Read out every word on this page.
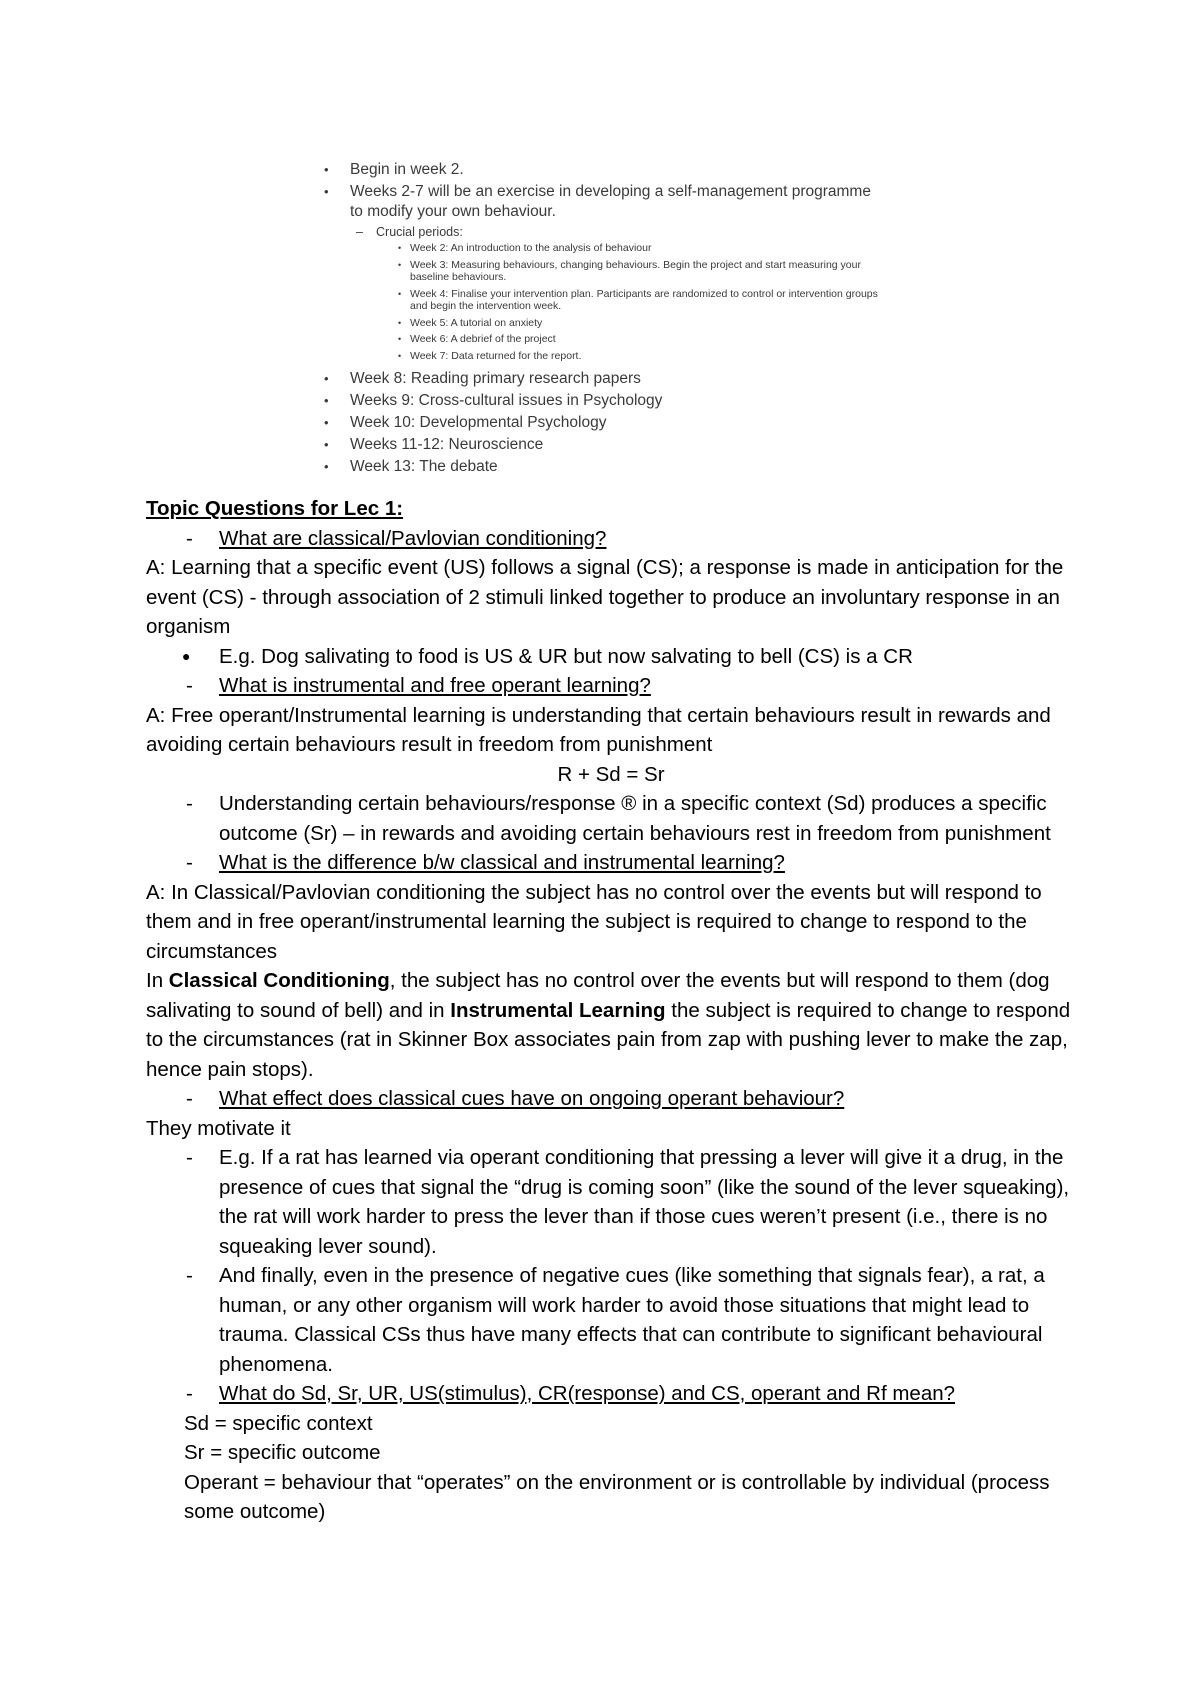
• Begin in week 2.
• Weeks 2-7 will be an exercise in developing a self-management programme to modify your own behaviour.
– Crucial periods:
• Week 2: An introduction to the analysis of behaviour
• Week 3: Measuring behaviours, changing behaviours. Begin the project and start measuring your baseline behaviours.
• Week 4: Finalise your intervention plan. Participants are randomized to control or intervention groups and begin the intervention week.
• Week 5: A tutorial on anxiety
• Week 6: A debrief of the project
• Week 7: Data returned for the report.
• Week 8: Reading primary research papers
• Weeks 9: Cross-cultural issues in Psychology
• Week 10: Developmental Psychology
• Weeks 11-12: Neuroscience
• Week 13: The debate
Topic Questions for Lec 1:
- What are classical/Pavlovian conditioning?
A: Learning that a specific event (US) follows a signal (CS); a response is made in anticipation for the event (CS) - through association of 2 stimuli linked together to produce an involuntary response in an organism
● E.g. Dog salivating to food is US & UR but now salvating to bell (CS) is a CR
- What is instrumental and free operant learning?
A: Free operant/Instrumental learning is understanding that certain behaviours result in rewards and avoiding certain behaviours result in freedom from punishment
R + Sd = Sr
- Understanding certain behaviours/response ® in a specific context (Sd) produces a specific outcome (Sr) – in rewards and avoiding certain behaviours rest in freedom from punishment
- What is the difference b/w classical and instrumental learning?
A: In Classical/Pavlovian conditioning the subject has no control over the events but will respond to them and in free operant/instrumental learning the subject is required to change to respond to the circumstances
In Classical Conditioning, the subject has no control over the events but will respond to them (dog salivating to sound of bell) and in Instrumental Learning the subject is required to change to respond to the circumstances (rat in Skinner Box associates pain from zap with pushing lever to make the zap, hence pain stops).
- What effect does classical cues have on ongoing operant behaviour?
They motivate it
- E.g. If a rat has learned via operant conditioning that pressing a lever will give it a drug, in the presence of cues that signal the “drug is coming soon” (like the sound of the lever squeaking), the rat will work harder to press the lever than if those cues weren’t present (i.e., there is no squeaking lever sound).
- And finally, even in the presence of negative cues (like something that signals fear), a rat, a human, or any other organism will work harder to avoid those situations that might lead to trauma. Classical CSs thus have many effects that can contribute to significant behavioural phenomena.
- What do Sd, Sr, UR, US(stimulus), CR(response) and CS, operant and Rf mean?
Sd = specific context
Sr = specific outcome
Operant = behaviour that “operates” on the environment or is controllable by individual (process some outcome)
